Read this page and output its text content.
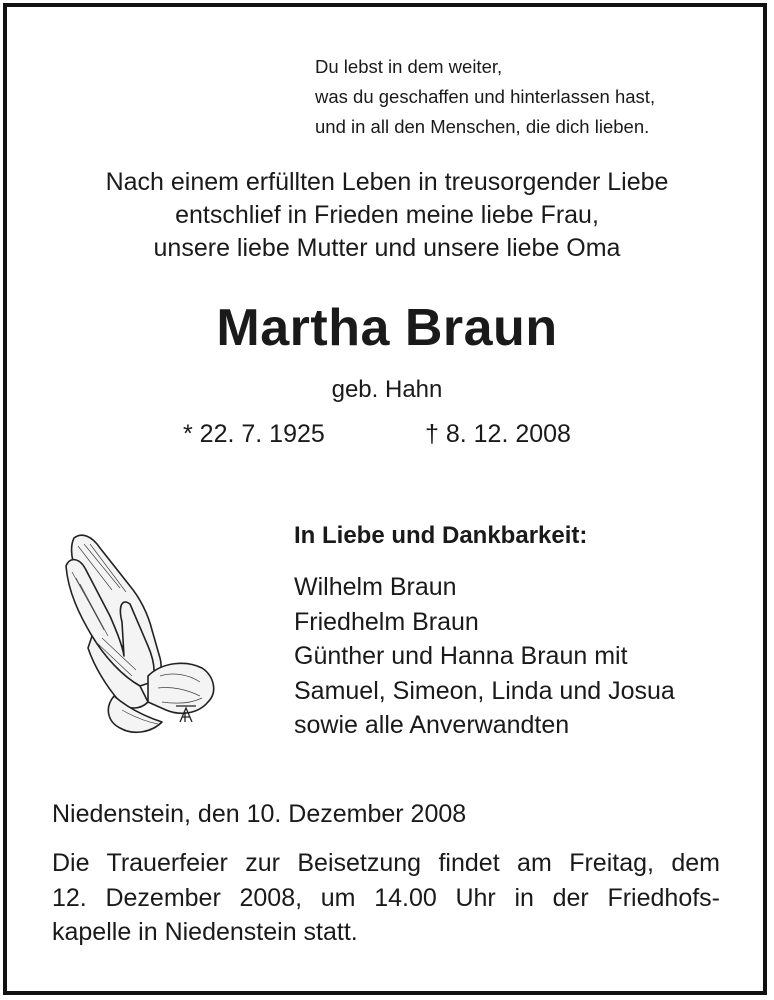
Du lebst in dem weiter,
was du geschaffen und hinterlassen hast,
und in all den Menschen, die dich lieben.
Nach einem erfüllten Leben in treusorgender Liebe
entschlief in Frieden meine liebe Frau,
unsere liebe Mutter und unsere liebe Oma
Martha Braun
geb. Hahn
* 22. 7. 1925	† 8. 12. 2008
In Liebe und Dankbarkeit:
Wilhelm Braun
Friedhelm Braun
Günther und Hanna Braun mit
Samuel, Simeon, Linda und Josua
sowie alle Anverwandten
Niedenstein, den 10. Dezember 2008
Die Trauerfeier zur Beisetzung findet am Freitag, dem
12. Dezember 2008, um 14.00 Uhr in der Friedhofs-
kapelle in Niedenstein statt.
